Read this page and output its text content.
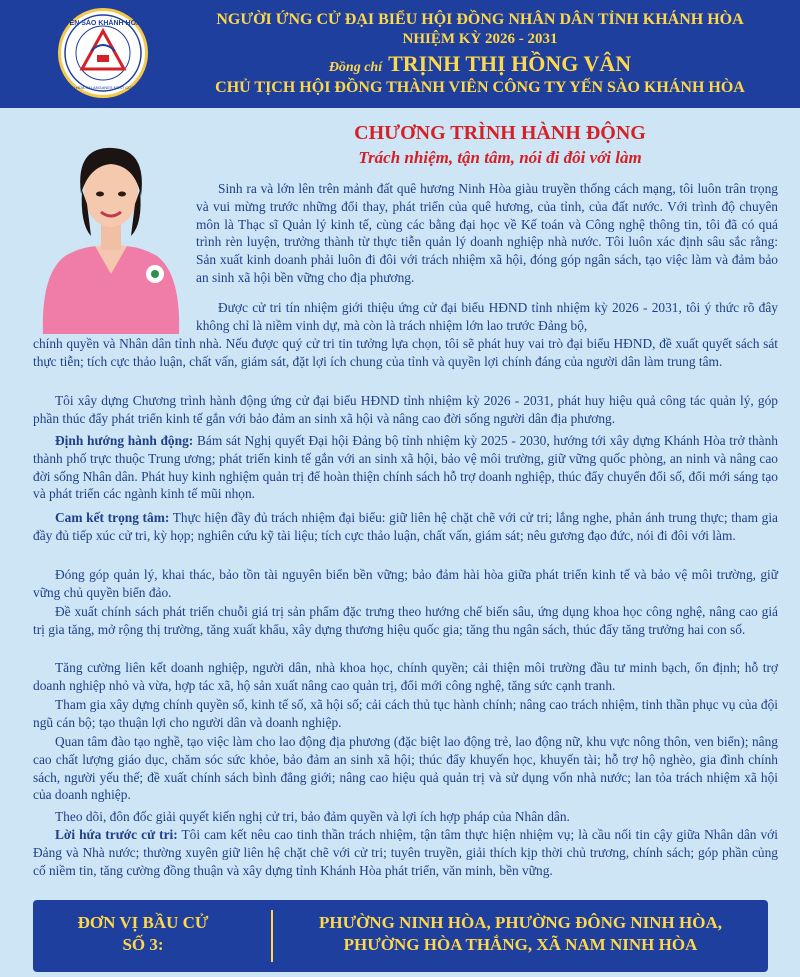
YẾN SÀO KHÁNH HÒA
KHANH HOA SALANGANES NEST COMPANY
NGƯỜI ỨNG CỬ ĐẠI BIỂU HỘI ĐỒNG NHÂN DÂN TỈNH KHÁNH HÒA
NHIỆM KỲ 2026 - 2031
Đồng chí TRỊNH THỊ HỒNG VÂN
CHỦ TỊCH HỘI ĐỒNG THÀNH VIÊN CÔNG TY YẾN SÀO KHÁNH HÒA
CHƯƠNG TRÌNH HÀNH ĐỘNG
Trách nhiệm, tận tâm, nói đi đôi với làm
Sinh ra và lớn lên trên mảnh đất quê hương Ninh Hòa giàu truyền thống cách mạng, tôi luôn trân trọng và vui mừng trước những đổi thay, phát triển của quê hương, của tỉnh, của đất nước. Với trình độ chuyên môn là Thạc sĩ Quản lý kinh tế, cùng các bằng đại học về Kế toán và Công nghệ thông tin, tôi đã có quá trình rèn luyện, trưởng thành từ thực tiễn quản lý doanh nghiệp nhà nước. Tôi luôn xác định sâu sắc rằng: Sản xuất kinh doanh phải luôn đi đôi với trách nhiệm xã hội, đóng góp ngân sách, tạo việc làm và đảm bảo an sinh xã hội bền vững cho địa phương.
Được cử tri tín nhiệm giới thiệu ứng cử đại biểu HĐND tỉnh nhiệm kỳ 2026 - 2031, tôi ý thức rõ đây không chỉ là niềm vinh dự, mà còn là trách nhiệm lớn lao trước Đảng bộ,
chính quyền và Nhân dân tỉnh nhà. Nếu được quý cử tri tin tưởng lựa chọn, tôi sẽ phát huy vai trò đại biểu HĐND, đề xuất quyết sách sát thực tiễn; tích cực thảo luận, chất vấn, giám sát, đặt lợi ích chung của tỉnh và quyền lợi chính đáng của người dân làm trung tâm.
Tôi xây dựng Chương trình hành động ứng cử đại biểu HĐND tỉnh nhiệm kỳ 2026 - 2031, phát huy hiệu quả công tác quản lý, góp phần thúc đẩy phát triển kinh tế gắn với bảo đảm an sinh xã hội và nâng cao đời sống người dân địa phương.
Định hướng hành động: Bám sát Nghị quyết Đại hội Đảng bộ tỉnh nhiệm kỳ 2025 - 2030, hướng tới xây dựng Khánh Hòa trở thành thành phố trực thuộc Trung ương; phát triển kinh tế gắn với an sinh xã hội, bảo vệ môi trường, giữ vững quốc phòng, an ninh và nâng cao đời sống Nhân dân. Phát huy kinh nghiệm quản trị để hoàn thiện chính sách hỗ trợ doanh nghiệp, thúc đẩy chuyển đổi số, đổi mới sáng tạo và phát triển các ngành kinh tế mũi nhọn.
Cam kết trọng tâm: Thực hiện đầy đủ trách nhiệm đại biểu: giữ liên hệ chặt chẽ với cử tri; lắng nghe, phản ánh trung thực; tham gia đầy đủ tiếp xúc cử tri, kỳ họp; nghiên cứu kỹ tài liệu; tích cực thảo luận, chất vấn, giám sát; nêu gương đạo đức, nói đi đôi với làm.
Đóng góp quản lý, khai thác, bảo tồn tài nguyên biển bền vững; bảo đảm hài hòa giữa phát triển kinh tế và bảo vệ môi trường, giữ vững chủ quyền biển đảo.
Đề xuất chính sách phát triển chuỗi giá trị sản phẩm đặc trưng theo hướng chế biến sâu, ứng dụng khoa học công nghệ, nâng cao giá trị gia tăng, mở rộng thị trường, tăng xuất khẩu, xây dựng thương hiệu quốc gia; tăng thu ngân sách, thúc đẩy tăng trưởng hai con số.
Tăng cường liên kết doanh nghiệp, người dân, nhà khoa học, chính quyền; cải thiện môi trường đầu tư minh bạch, ổn định; hỗ trợ doanh nghiệp nhỏ và vừa, hợp tác xã, hộ sản xuất nâng cao quản trị, đổi mới công nghệ, tăng sức cạnh tranh.
Tham gia xây dựng chính quyền số, kinh tế số, xã hội số; cải cách thủ tục hành chính; nâng cao trách nhiệm, tinh thần phục vụ của đội ngũ cán bộ; tạo thuận lợi cho người dân và doanh nghiệp.
Quan tâm đào tạo nghề, tạo việc làm cho lao động địa phương (đặc biệt lao động trẻ, lao động nữ, khu vực nông thôn, ven biển); nâng cao chất lượng giáo dục, chăm sóc sức khỏe, bảo đảm an sinh xã hội; thúc đẩy khuyến học, khuyến tài; hỗ trợ hộ nghèo, gia đình chính sách, người yếu thế; đề xuất chính sách bình đẳng giới; nâng cao hiệu quả quản trị và sử dụng vốn nhà nước; lan tỏa trách nhiệm xã hội của doanh nghiệp.
Theo dõi, đôn đốc giải quyết kiến nghị cử tri, bảo đảm quyền và lợi ích hợp pháp của Nhân dân.
Lời hứa trước cử tri: Tôi cam kết nêu cao tinh thần trách nhiệm, tận tâm thực hiện nhiệm vụ; là cầu nối tin cậy giữa Nhân dân với Đảng và Nhà nước; thường xuyên giữ liên hệ chặt chẽ với cử tri; tuyên truyền, giải thích kịp thời chủ trương, chính sách; góp phần củng cố niềm tin, tăng cường đồng thuận và xây dựng tỉnh Khánh Hòa phát triển, văn minh, bền vững.
ĐƠN VỊ BẦU CỬ
SỐ 3:
PHƯỜNG NINH HÒA, PHƯỜNG ĐÔNG NINH HÒA,
PHƯỜNG HÒA THẮNG, XÃ NAM NINH HÒA
